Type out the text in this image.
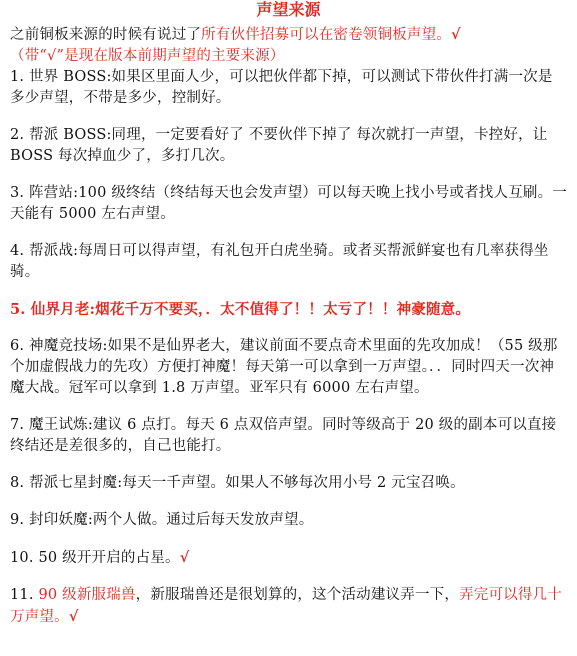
声望来源

之前铜板来源的时候有说过了所有伙伴招募可以在密卷领铜板声望。√
（带“√”是现在版本前期声望的主要来源）

1. 世界 BOSS:如果区里面人少，可以把伙伴都下掉，可以测试下带伙件打满一次是多少声望，不带是多少，控制好。

2. 帮派 BOSS:同理，一定要看好了 不要伙伴下掉了 每次就打一声望，卡控好，让 BOSS 每次掉血少了，多打几次。

3. 阵营站:100 级终结（终结每天也会发声望）可以每天晚上找小号或者找人互刷。一天能有 5000 左右声望。

4. 帮派战:每周日可以得声望，有礼包开白虎坐骑。或者买帮派鲜宴也有几率获得坐骑。

5. 仙界月老:烟花千万不要买，．太不值得了！！太亏了！！神豪随意。

6. 神魔竞技场:如果不是仙界老大，建议前面不要点奇术里面的先攻加成！（55 级那个加虚假战力的先攻）方便打神魔！每天第一可以拿到一万声望。．．同时四天一次神魔大战。冠军可以拿到 1.8 万声望。亚军只有 6000 左右声望。

7. 魔王试炼:建议 6 点打。每天 6 点双倍声望。同时等级高于 20 级的副本可以直接终结还是差很多的，自己也能打。

8. 帮派七星封魔:每天一千声望。如果人不够每次用小号 2 元宝召唤。

9. 封印妖魔:两个人做。通过后每天发放声望。

10. 50 级开开启的占星。√

11. 90 级新服瑞兽，新服瑞兽还是很划算的，这个活动建议弄一下，弄完可以得几十万声望。√
